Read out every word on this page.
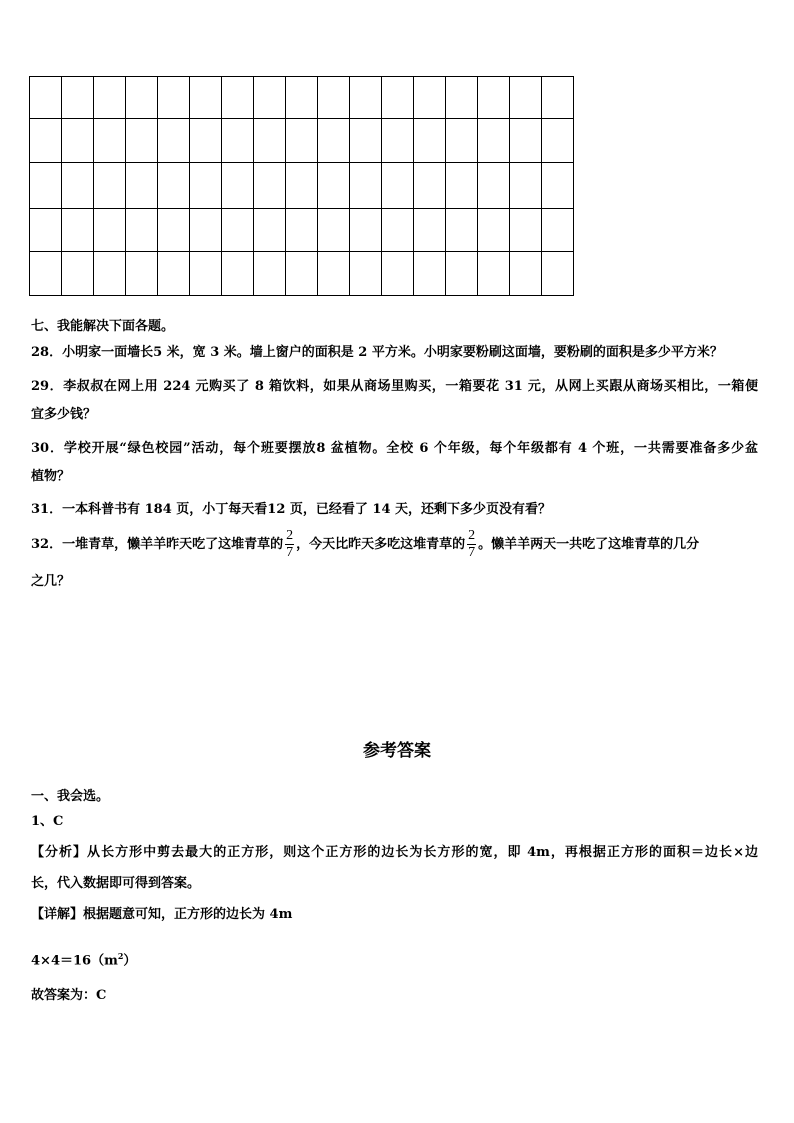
七、我能解决下面各题。
28．小明家一面墙长5 米，宽 3 米。墙上窗户的面积是 2 平方米。小明家要粉刷这面墙，要粉刷的面积是多少平方米？
29．李叔叔在网上用 224 元购买了 8 箱饮料，如果从商场里购买，一箱要花 31 元，从网上买跟从商场买相比，一箱便
宜多少钱？
30．学校开展“绿色校园”活动，每个班要摆放8 盆植物。全校 6 个年级，每个年级都有 4 个班，一共需要准备多少盆
植物？
31．一本科普书有 184 页，小丁每天看12 页，已经看了 14 天，还剩下多少页没有看？
32．一堆青草，懒羊羊昨天吃了这堆青草的 $\frac{2}{7}$ ，今天比昨天多吃这堆青草的 $\frac{2}{7}$ 。懒羊羊两天一共吃了这堆青草的几分
之几？
参考答案
一、我会选。
1、C
【分析】从长方形中剪去最大的正方形，则这个正方形的边长为长方形的宽，即 4m，再根据正方形的面积＝边长×边
长，代入数据即可得到答案。
【详解】根据题意可知，正方形的边长为 4m
$4\times 4=16(m^2)$
故答案为：C
